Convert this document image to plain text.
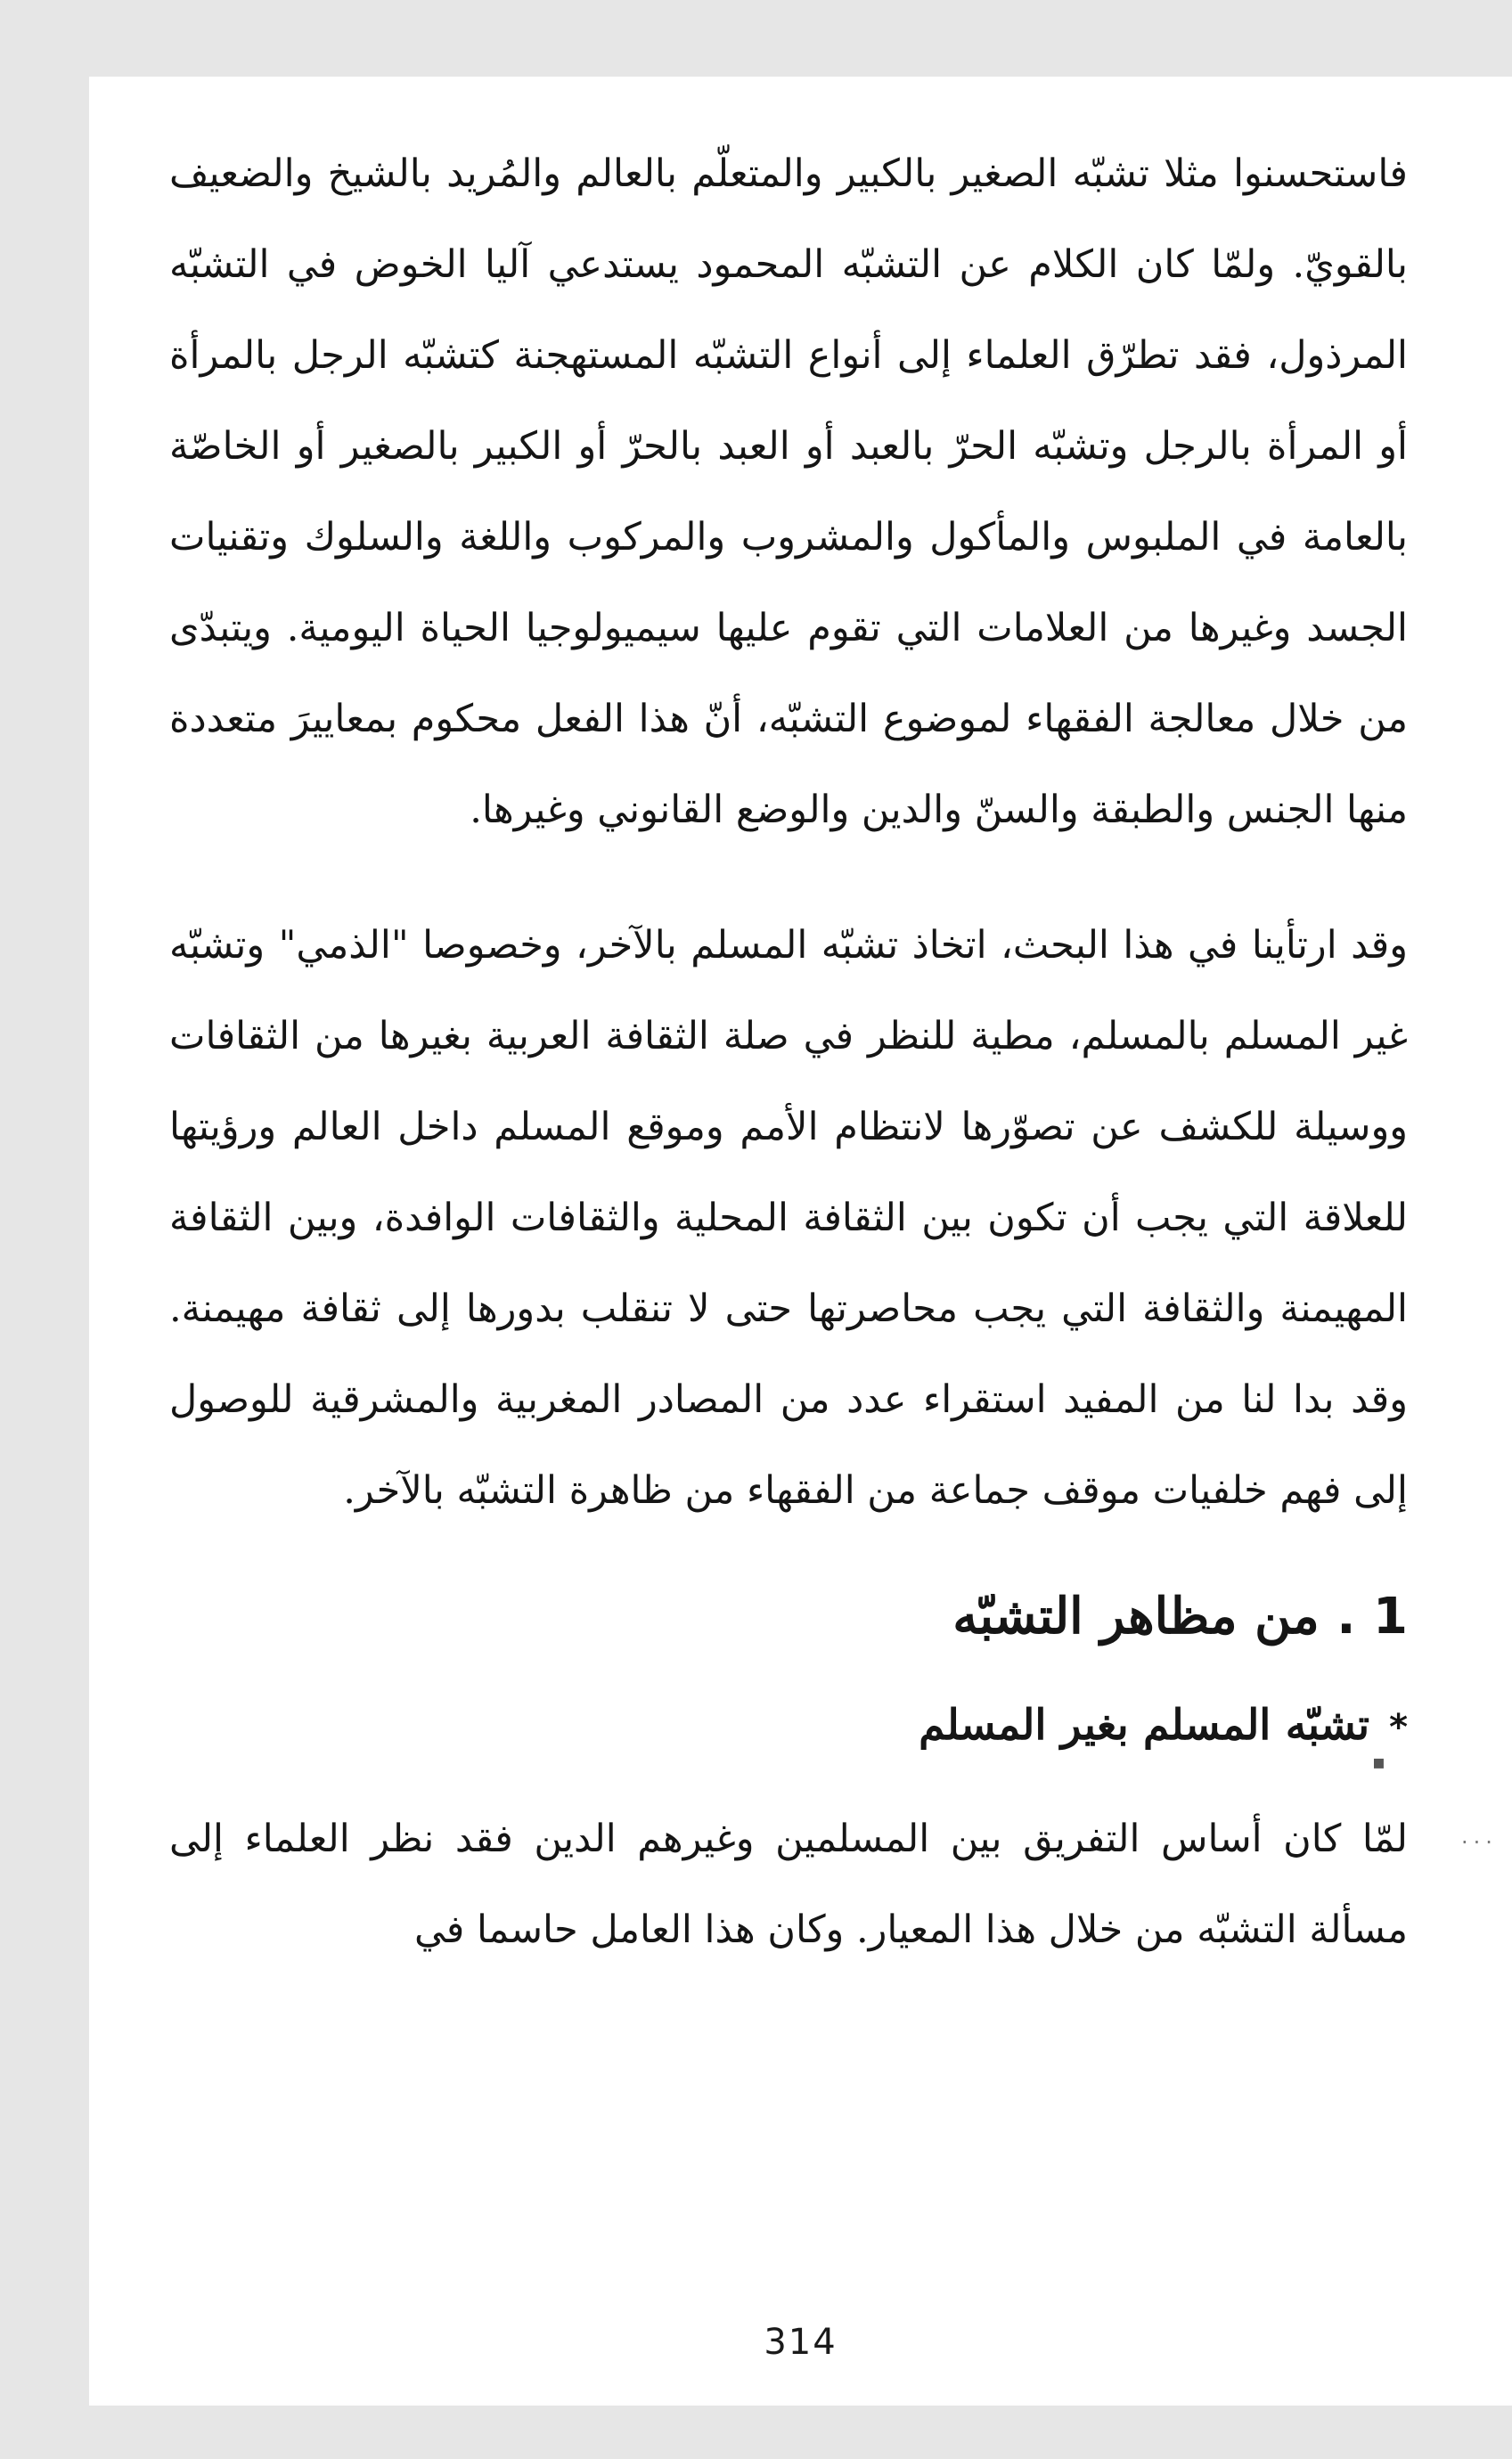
فاستحسنوا مثلا تشبّه الصغير بالكبير والمتعلّم بالعالم والمُريد بالشيخ والضعيف بالقويّ. ولمّا كان الكلام عن التشبّه المحمود يستدعي آليا الخوض في التشبّه المرذول، فقد تطرّق العلماء إلى أنواع التشبّه المستهجنة كتشبّه الرجل بالمرأة أو المرأة بالرجل وتشبّه الحرّ بالعبد أو العبد بالحرّ أو الكبير بالصغير أو الخاصّة بالعامة في الملبوس والمأكول والمشروب والمركوب واللغة والسلوك وتقنيات الجسد وغيرها من العلامات التي تقوم عليها سيميولوجيا الحياة اليومية. ويتبدّى من خلال معالجة الفقهاء لموضوع التشبّه، أنّ هذا الفعل محكوم بمعاييرَ متعددة منها الجنس والطبقة والسنّ والدين والوضع القانوني وغيرها.

وقد ارتأينا في هذا البحث، اتخاذ تشبّه المسلم بالآخر، وخصوصا "الذمي" وتشبّه غير المسلم بالمسلم، مطية للنظر في صلة الثقافة العربية بغيرها من الثقافات ووسيلة للكشف عن تصوّرها لانتظام الأمم وموقع المسلم داخل العالم ورؤيتها للعلاقة التي يجب أن تكون بين الثقافة المحلية والثقافات الوافدة، وبين الثقافة المهيمنة والثقافة التي يجب محاصرتها حتى لا تنقلب بدورها إلى ثقافة مهيمنة. وقد بدا لنا من المفيد استقراء عدد من المصادر المغربية والمشرقية للوصول إلى فهم خلفيات موقف جماعة من الفقهاء من ظاهرة التشبّه بالآخر.

1 . من مظاهر التشبّه
*تشبّه المسلم بغير المسلم

لمّا كان أساس التفريق بين المسلمين وغيرهم الدين فقد نظر العلماء إلى مسألة التشبّه من خلال هذا المعيار. وكان هذا العامل حاسما في

▪
···
314
